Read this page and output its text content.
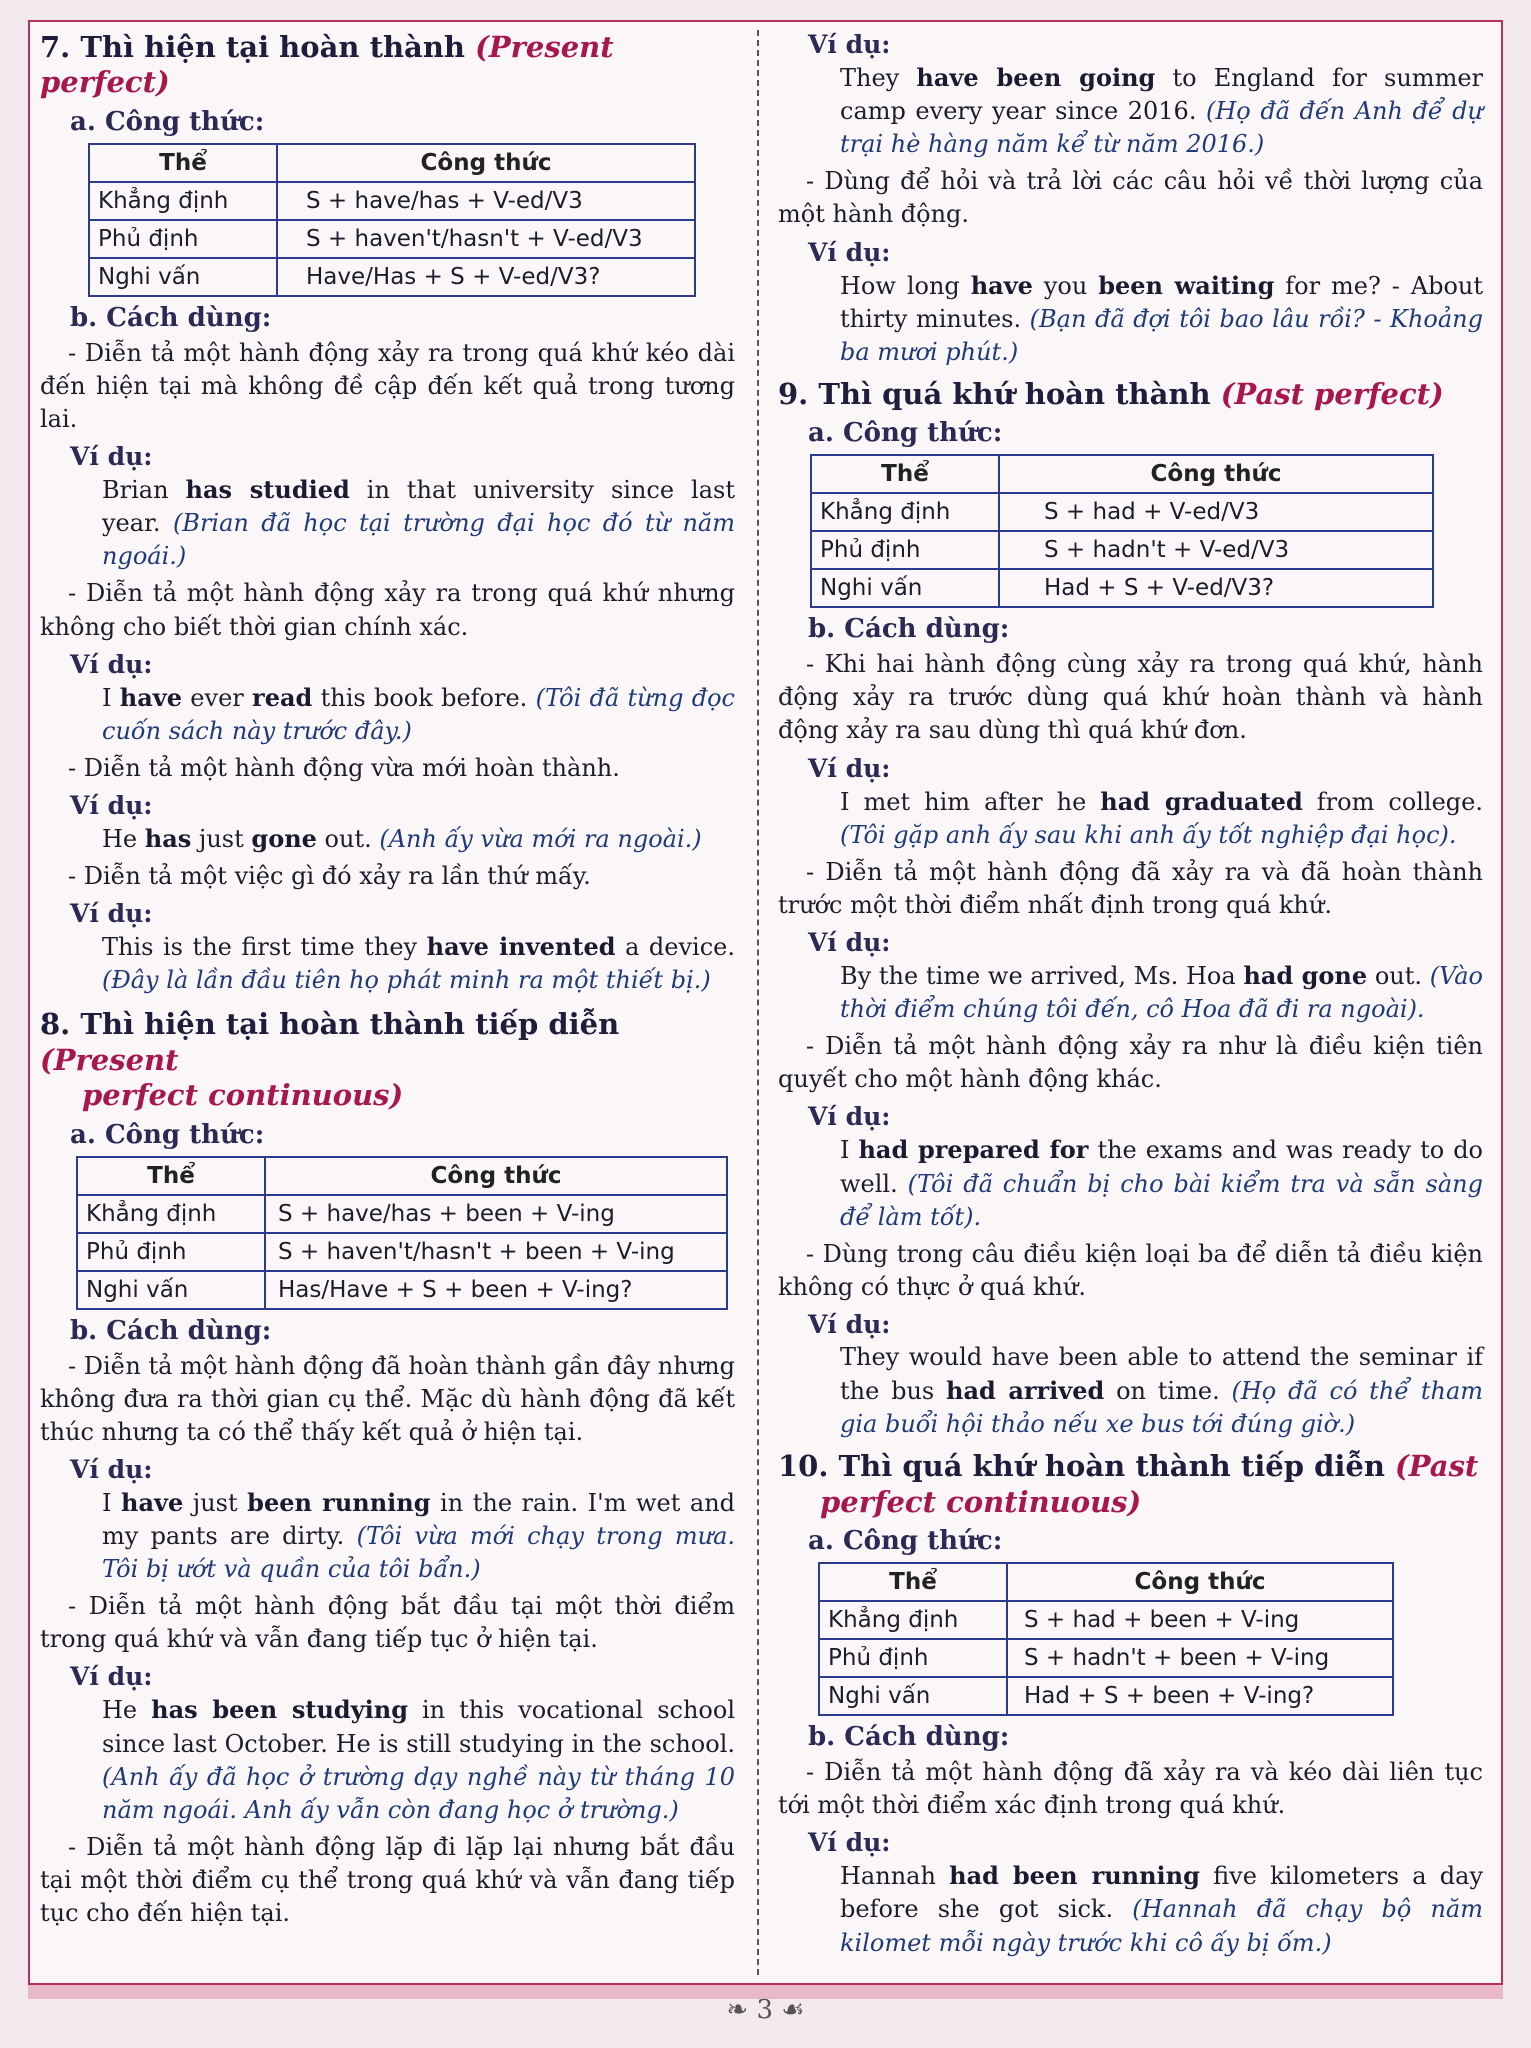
7. Thì hiện tại hoàn thành (Present perfect)
a. Công thức:
Thể	Công thức
Khẳng định	S + have/has + V-ed/V3
Phủ định	S + haven't/hasn't + V-ed/V3
Nghi vấn	Have/Has + S + V-ed/V3?
b. Cách dùng:

- Diễn tả một hành động xảy ra trong quá khứ kéo dài đến hiện tại mà không đề cập đến kết quả trong tương lai.

Ví dụ:

Brian has studied in that university since last year. (Brian đã học tại trường đại học đó từ năm ngoái.)

- Diễn tả một hành động xảy ra trong quá khứ nhưng không cho biết thời gian chính xác.

Ví dụ:

I have ever read this book before. (Tôi đã từng đọc cuốn sách này trước đây.)

- Diễn tả một hành động vừa mới hoàn thành.

Ví dụ:

He has just gone out. (Anh ấy vừa mới ra ngoài.)

- Diễn tả một việc gì đó xảy ra lần thứ mấy.

Ví dụ:

This is the first time they have invented a device. (Đây là lần đầu tiên họ phát minh ra một thiết bị.)

8. Thì hiện tại hoàn thành tiếp diễn (Present
perfect continuous)
a. Công thức:
Thể	Công thức
Khẳng định	S + have/has + been + V-ing
Phủ định	S + haven't/hasn't + been + V-ing
Nghi vấn	Has/Have + S + been + V-ing?
b. Cách dùng:

- Diễn tả một hành động đã hoàn thành gần đây nhưng không đưa ra thời gian cụ thể. Mặc dù hành động đã kết thúc nhưng ta có thể thấy kết quả ở hiện tại.

Ví dụ:

I have just been running in the rain. I'm wet and my pants are dirty. (Tôi vừa mới chạy trong mưa. Tôi bị ướt và quần của tôi bẩn.)

- Diễn tả một hành động bắt đầu tại một thời điểm trong quá khứ và vẫn đang tiếp tục ở hiện tại.

Ví dụ:

He has been studying in this vocational school since last October. He is still studying in the school. (Anh ấy đã học ở trường dạy nghề này từ tháng 10 năm ngoái. Anh ấy vẫn còn đang học ở trường.)

- Diễn tả một hành động lặp đi lặp lại nhưng bắt đầu tại một thời điểm cụ thể trong quá khứ và vẫn đang tiếp tục cho đến hiện tại.

Ví dụ:

They have been going to England for summer camp every year since 2016. (Họ đã đến Anh để dự trại hè hàng năm kể từ năm 2016.)

- Dùng để hỏi và trả lời các câu hỏi về thời lượng của một hành động.

Ví dụ:

How long have you been waiting for me? - About thirty minutes. (Bạn đã đợi tôi bao lâu rồi? - Khoảng ba mươi phút.)

9. Thì quá khứ hoàn thành (Past perfect)
a. Công thức:
Thể	Công thức
Khẳng định	S + had + V-ed/V3
Phủ định	S + hadn't + V-ed/V3
Nghi vấn	Had + S + V-ed/V3?
b. Cách dùng:

- Khi hai hành động cùng xảy ra trong quá khứ, hành động xảy ra trước dùng quá khứ hoàn thành và hành động xảy ra sau dùng thì quá khứ đơn.

Ví dụ:

I met him after he had graduated from college. (Tôi gặp anh ấy sau khi anh ấy tốt nghiệp đại học).

- Diễn tả một hành động đã xảy ra và đã hoàn thành trước một thời điểm nhất định trong quá khứ.

Ví dụ:

By the time we arrived, Ms. Hoa had gone out. (Vào thời điểm chúng tôi đến, cô Hoa đã đi ra ngoài).

- Diễn tả một hành động xảy ra như là điều kiện tiên quyết cho một hành động khác.

Ví dụ:

I had prepared for the exams and was ready to do well. (Tôi đã chuẩn bị cho bài kiểm tra và sẵn sàng để làm tốt).

- Dùng trong câu điều kiện loại ba để diễn tả điều kiện không có thực ở quá khứ.

Ví dụ:

They would have been able to attend the seminar if the bus had arrived on time. (Họ đã có thể tham gia buổi hội thảo nếu xe bus tới đúng giờ.)

10. Thì quá khứ hoàn thành tiếp diễn (Past
perfect continuous)
a. Công thức:
Thể	Công thức
Khẳng định	S + had + been + V-ing
Phủ định	S + hadn't + been + V-ing
Nghi vấn	Had + S + been + V-ing?
b. Cách dùng:

- Diễn tả một hành động đã xảy ra và kéo dài liên tục tới một thời điểm xác định trong quá khứ.

Ví dụ:

Hannah had been running five kilometers a day before she got sick. (Hannah đã chạy bộ năm kilomet mỗi ngày trước khi cô ấy bị ốm.)

❧ 3 ☙
